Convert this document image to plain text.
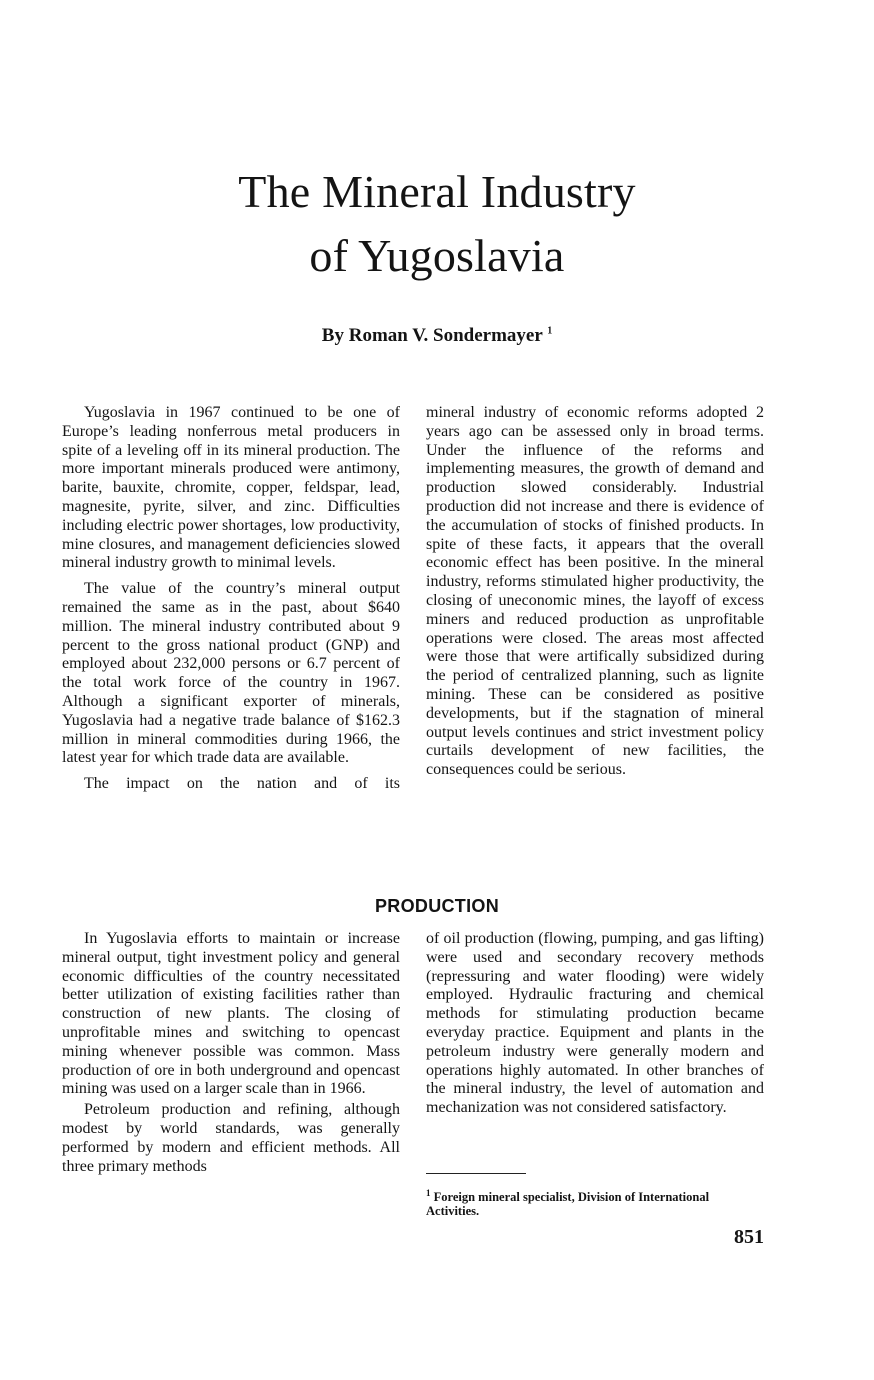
The Mineral Industry
of Yugoslavia
By Roman V. Sondermayer $^1$

Yugoslavia in 1967 continued to be one of Europe’s leading nonferrous metal producers in spite of a leveling off in its mineral production. The more important minerals produced were antimony, barite, bauxite, chromite, copper, feldspar, lead, magnesite, pyrite, silver, and zinc. Difficulties including electric power shortages, low productivity, mine closures, and management deficiencies slowed mineral industry growth to minimal levels.

The value of the country’s mineral output remained the same as in the past, about $640 million. The mineral industry contributed about 9 percent to the gross national product (GNP) and employed about 232,000 persons or 6.7 percent of the total work force of the country in 1967. Although a significant exporter of minerals, Yugoslavia had a negative trade balance of $162.3 million in mineral commodities during 1966, the latest year for which trade data are available.

The impact on the nation and of its

mineral industry of economic reforms adopted 2 years ago can be assessed only in broad terms. Under the influence of the reforms and implementing measures, the growth of demand and production slowed considerably. Industrial production did not increase and there is evidence of the accumulation of stocks of finished products. In spite of these facts, it appears that the overall economic effect has been positive. In the mineral industry, reforms stimulated higher productivity, the closing of uneconomic mines, the layoff of excess miners and reduced production as unprofitable operations were closed. The areas most affected were those that were artifically subsidized during the period of centralized planning, such as lignite mining. These can be considered as positive developments, but if the stagnation of mineral output levels continues and strict investment policy curtails development of new facilities, the consequences could be serious.

PRODUCTION

In Yugoslavia efforts to maintain or increase mineral output, tight investment policy and general economic difficulties of the country necessitated better utilization of existing facilities rather than construction of new plants. The closing of unprofitable mines and switching to opencast mining whenever possible was common. Mass production of ore in both underground and opencast mining was used on a larger scale than in 1966.

Petroleum production and refining, although modest by world standards, was generally performed by modern and efficient methods. All three primary methods

of oil production (flowing, pumping, and gas lifting) were used and secondary recovery methods (repressuring and water flooding) were widely employed. Hydraulic fracturing and chemical methods for stimulating production became everyday practice. Equipment and plants in the petroleum industry were generally modern and operations highly automated. In other branches of the mineral industry, the level of automation and mechanization was not considered satisfactory.

$^1$ Foreign mineral specialist, Division of International Activities.
851
